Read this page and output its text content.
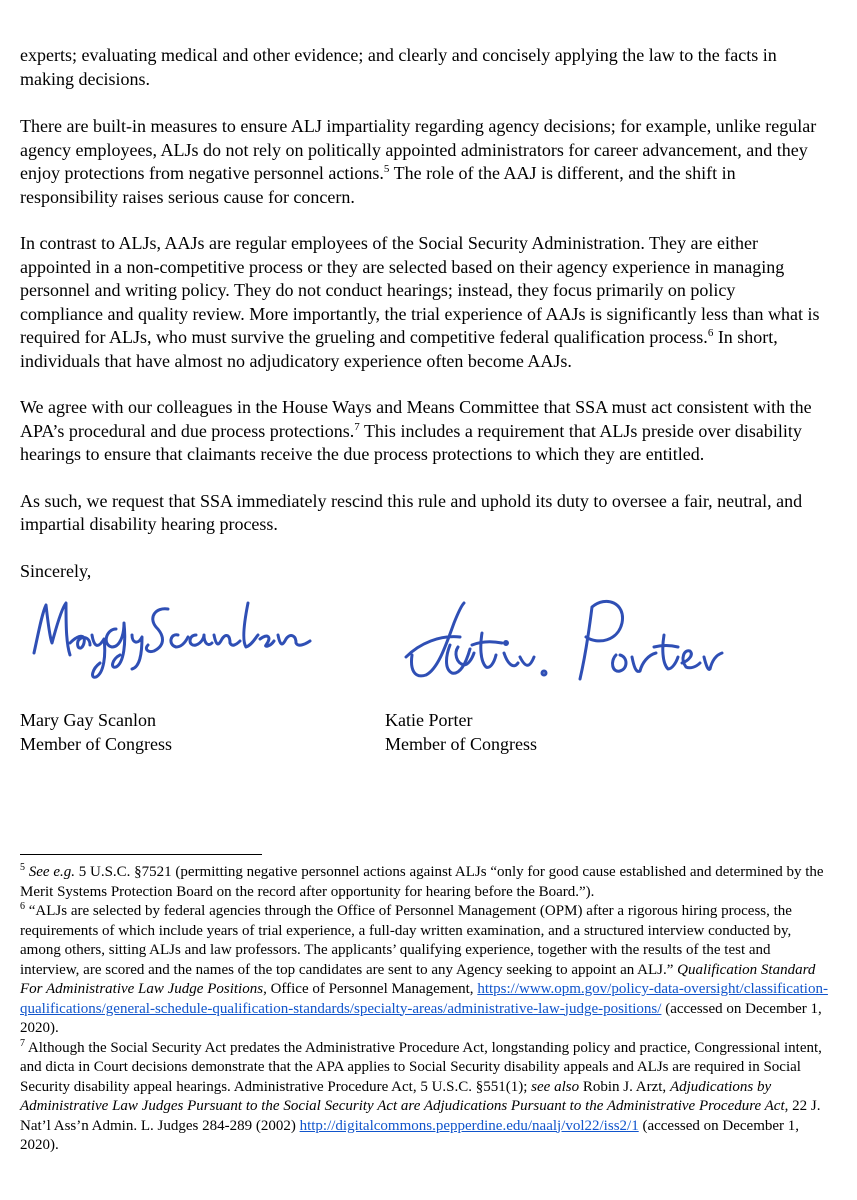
experts; evaluating medical and other evidence; and clearly and concisely applying the law to the facts in making decisions.

There are built-in measures to ensure ALJ impartiality regarding agency decisions; for example, unlike regular agency employees, ALJs do not rely on politically appointed administrators for career advancement, and they enjoy protections from negative personnel actions.$^5$ The role of the AAJ is different, and the shift in responsibility raises serious cause for concern.

In contrast to ALJs, AAJs are regular employees of the Social Security Administration. They are either appointed in a non-competitive process or they are selected based on their agency experience in managing personnel and writing policy. They do not conduct hearings; instead, they focus primarily on policy compliance and quality review. More importantly, the trial experience of AAJs is significantly less than what is required for ALJs, who must survive the grueling and competitive federal qualification process.$^6$ In short, individuals that have almost no adjudicatory experience often become AAJs.

We agree with our colleagues in the House Ways and Means Committee that SSA must act consistent with the APA’s procedural and due process protections.$^7$ This includes a requirement that ALJs preside over disability hearings to ensure that claimants receive the due process protections to which they are entitled.

As such, we request that SSA immediately rescind this rule and uphold its duty to oversee a fair, neutral, and impartial disability hearing process.

Sincerely,

Mary Gay Scanlon
Member of Congress
Katie Porter
Member of Congress

$^5$ See e.g. 5 U.S.C. §7521 (permitting negative personnel actions against ALJs “only for good cause established and determined by the Merit Systems Protection Board on the record after opportunity for hearing before the Board.”).

$^6$ “ALJs are selected by federal agencies through the Office of Personnel Management (OPM) after a rigorous hiring process, the requirements of which include years of trial experience, a full-day written examination, and a structured interview conducted by, among others, sitting ALJs and law professors. The applicants’ qualifying experience, together with the results of the test and interview, are scored and the names of the top candidates are sent to any Agency seeking to appoint an ALJ.” Qualification Standard For Administrative Law Judge Positions, Office of Personnel Management, https://www.opm.gov/policy-data-oversight/classification-qualifications/general-schedule-qualification-standards/specialty-areas/administrative-law-judge-positions/ (accessed on December 1, 2020).

$^7$ Although the Social Security Act predates the Administrative Procedure Act, longstanding policy and practice, Congressional intent, and dicta in Court decisions demonstrate that the APA applies to Social Security disability appeals and ALJs are required in Social Security disability appeal hearings. Administrative Procedure Act, 5 U.S.C. §551(1); see also Robin J. Arzt, Adjudications by Administrative Law Judges Pursuant to the Social Security Act are Adjudications Pursuant to the Administrative Procedure Act, 22 J. Nat’l Ass’n Admin. L. Judges 284-289 (2002) http://digitalcommons.pepperdine.edu/naalj/vol22/iss2/1 (accessed on December 1, 2020).
